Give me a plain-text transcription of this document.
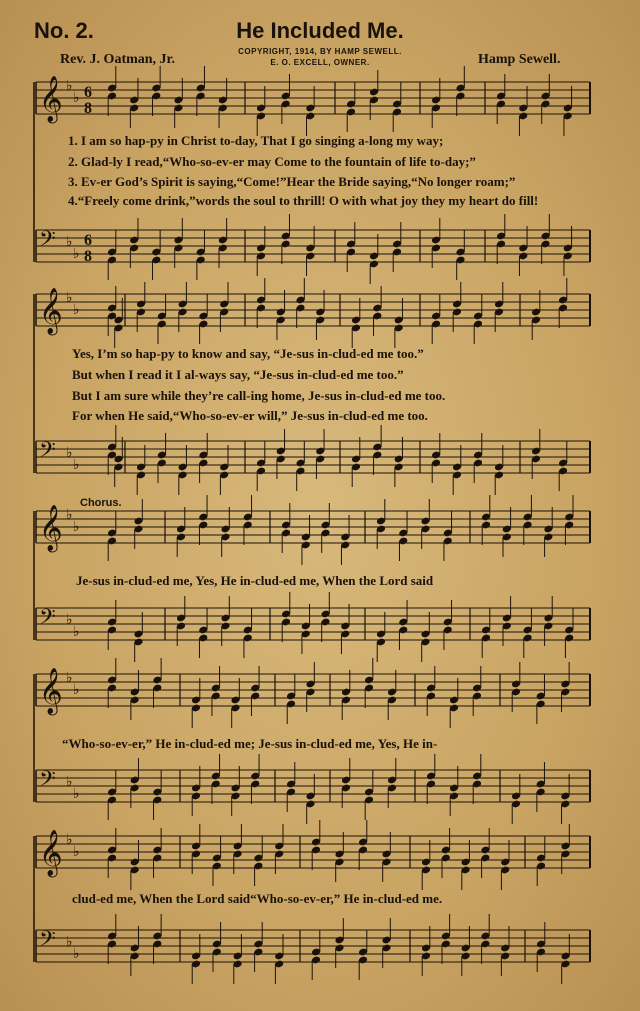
𝄞 ♭
♭ 6
8
𝄢 ♭
♭
6
8
𝄞 ♭
♭
𝄢 ♭
♭
𝄞 ♭
♭
𝄢 ♭
♭
𝄞 ♭
♭
𝄢 ♭
♭
𝄞 ♭
♭
𝄢 ♭
♭
No. 2.	He Included Me.
Rev. J. Oatman, Jr.
COPYRIGHT, 1914, BY HAMP SEWELL.
E. O. EXCELL, OWNER.	Hamp Sewell.
1. I am so hap-py in Christ to-day, That I go singing a-long my way;
2. Glad-ly I read,“Who-so-ev-er may Come to the fountain of life to-day;”
3. Ev-er God’s Spirit is saying,“Come!”Hear the Bride saying,“No longer roam;”
4.“Freely come drink,”words the soul to thrill! O with what joy they my heart do fill!
Yes, I’m so hap-py to know and say, “Je-sus in-clud-ed me too.”
But when I read it I al-ways say, “Je-sus in-clud-ed me too.”
But I am sure while they’re call-ing home, Je-sus in-clud-ed me too.
For when He said,“Who-so-ev-er will,” Je-sus in-clud-ed me too.
Chorus.
Je-sus in-clud-ed me, Yes, He in-clud-ed me, When the Lord said
“Who-so-ev-er,” He in-clud-ed me; Je-sus in-clud-ed me, Yes, He in-
clud-ed me, When the Lord said“Who-so-ev-er,” He in-clud-ed me.
